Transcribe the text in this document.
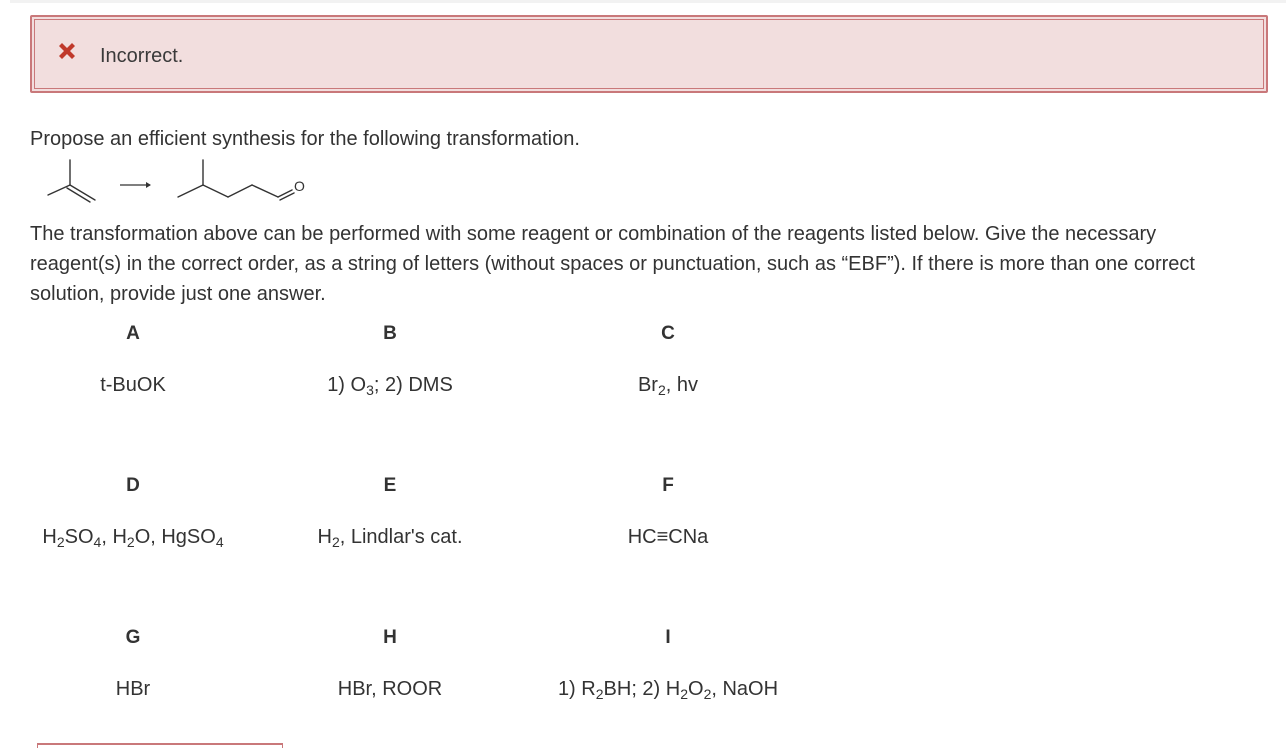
Incorrect.
Propose an efficient synthesis for the following transformation.
O
The transformation above can be performed with some reagent or combination of the reagents listed below. Give the necessary reagent(s) in the correct order, as a string of letters (without spaces or punctuation, such as “EBF”). If there is more than one correct solution, provide just one answer.
A
t-BuOK
B
1) $O_3$; 2) DMS
C
$Br_2$, hv
D
$H_2SO_4$, $H_2O$, HgSO$_4$
E
$H_2$, Lindlar's cat.
F
HC≡CNa
G
HBr
H
HBr, ROOR
I
1) $R_2BH$; 2) $H_2O_2$, NaOH
